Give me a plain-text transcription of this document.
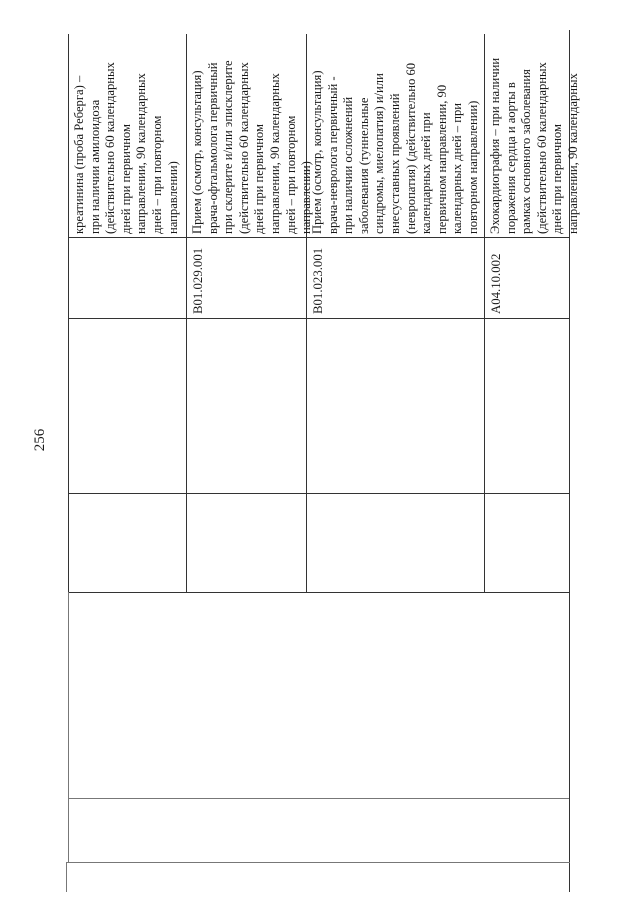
256
креатинина (проба Реберга) – при наличии амилоидоза (действительно 60 календарных дней при первичном направлении, 90 календарных дней – при повторном направлении)
B01.029.001
Прием (осмотр, консультация) врача-офтальмолога первичный при склерите и/или эписклерите (действительно 60 календарных дней при первичном направлении, 90 календарных дней – при повторном направлении)
B01.023.001
Прием (осмотр, консультация) врача-невролога первичный - при наличии осложнений заболевания (туннельные синдромы, миелопатия) и/или внесуставных проявлений (невропатия) (действительно 60 календарных дней при первичном направлении, 90 календарных дней – при повторном направлении)
A04.10.002
Эхокардиография – при наличии поражения сердца и аорты в рамках основного заболевания (действительно 60 календарных дней при первичном направлении, 90 календарных
